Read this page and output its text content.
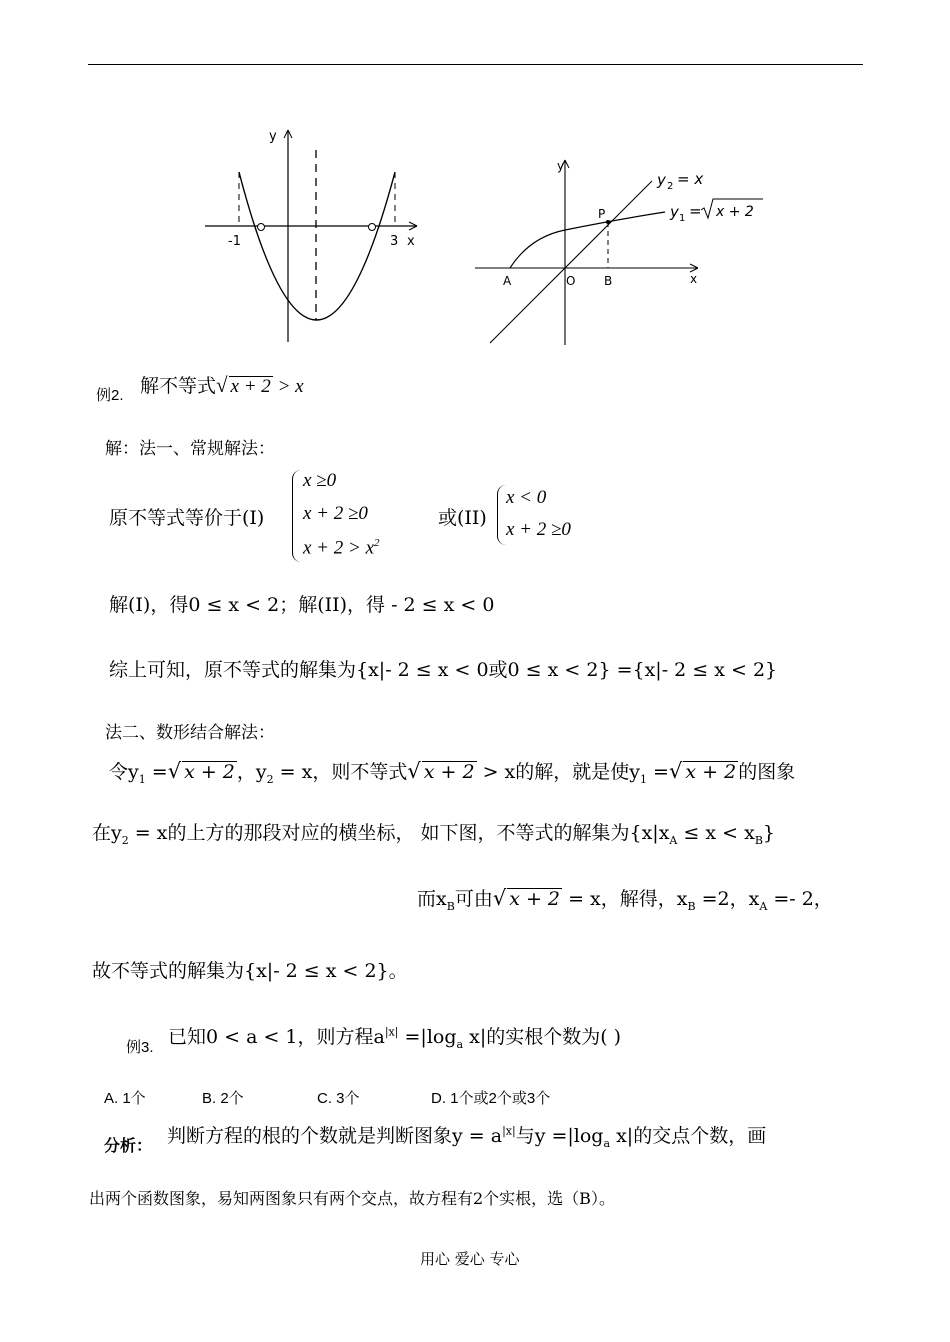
y
x
-1	3
y
x
A	O B
P
y 2 = x
y 1 = x + 2
例2. 解不等式√ x + 2 > x
解：法一、常规解法：
原不等式等价于(I)
x ≥0
x + 2 ≥0
$x + 2 > x^2$
或(II)
x < 0
x + 2 ≥0
解(I)，得0 ≤ x < 2；解(II)，得 - 2 ≤ x < 0
综上可知，原不等式的解集为{x|- 2 ≤ x < 0或0 ≤ x < 2} ={x|- 2 ≤ x < 2}
法二、数形结合解法：
令$y_1$ =√ x + 2 ，$y_2 = x$，则不等式√ x + 2 > x的解，就是使$y_1$ =√ x + 2 的图象
在$y_2 = x$的上方的那段对应的横坐标， 如下图，不等式的解集为$\{x|x_A \le x < x_B\}$
而$x_B$可由√ x + 2 = x，解得，$x_B =2$，$x_A =- 2$，
故不等式的解集为{x|- 2 ≤ x < 2}。
例3. 已知0 < a < 1，则方程$a^{|x|} =|\log_a$ x|的实根个数为( )
A. 1个	B. 2个	C. 3个	D. 1个或2个或3个
分析： 判断方程的根的个数就是判断图象$y = a^{|x|}$与$y =|\log_a$ x|的交点个数，画
出两个函数图象，易知两图象只有两个交点，故方程有2个实根，选（B）。
用心 爱心 专心
